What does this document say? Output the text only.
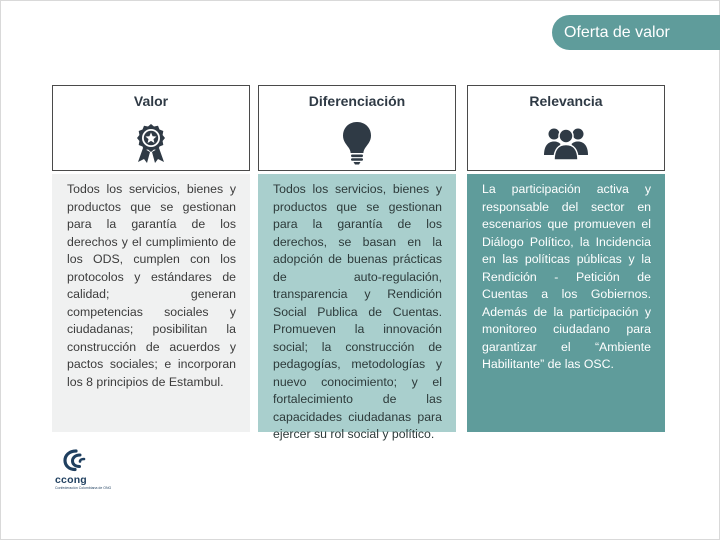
Oferta de valor
Valor
Todos los servicios, bienes y productos que se gestionan para la garantía de los derechos y el cumplimiento de los ODS, cumplen con los protocolos y estándares de calidad; generan competencias sociales y ciudadanas; posibilitan la construcción de acuerdos y pactos sociales; e incorporan los 8 principios de Estambul.
Diferenciación
Todos los servicios, bienes y productos que se gestionan para la garantía de los derechos, se basan en la adopción de buenas prácticas de auto-regulación, transparencia y Rendición Social Publica de Cuentas. Promueven la innovación social; la construcción de pedagogías, metodologías y nuevo conocimiento; y el fortalecimiento de las capacidades ciudadanas para ejercer su rol social y político.
Relevancia
La participación activa y responsable del sector en escenarios que promueven el Diálogo Político, la Incidencia en las políticas públicas y la Rendición - Petición de Cuentas a los Gobiernos. Además de la participación y monitoreo ciudadano para garantizar el “Ambiente Habilitante” de las OSC.
ccong
Confederación Colombiana de ONG
